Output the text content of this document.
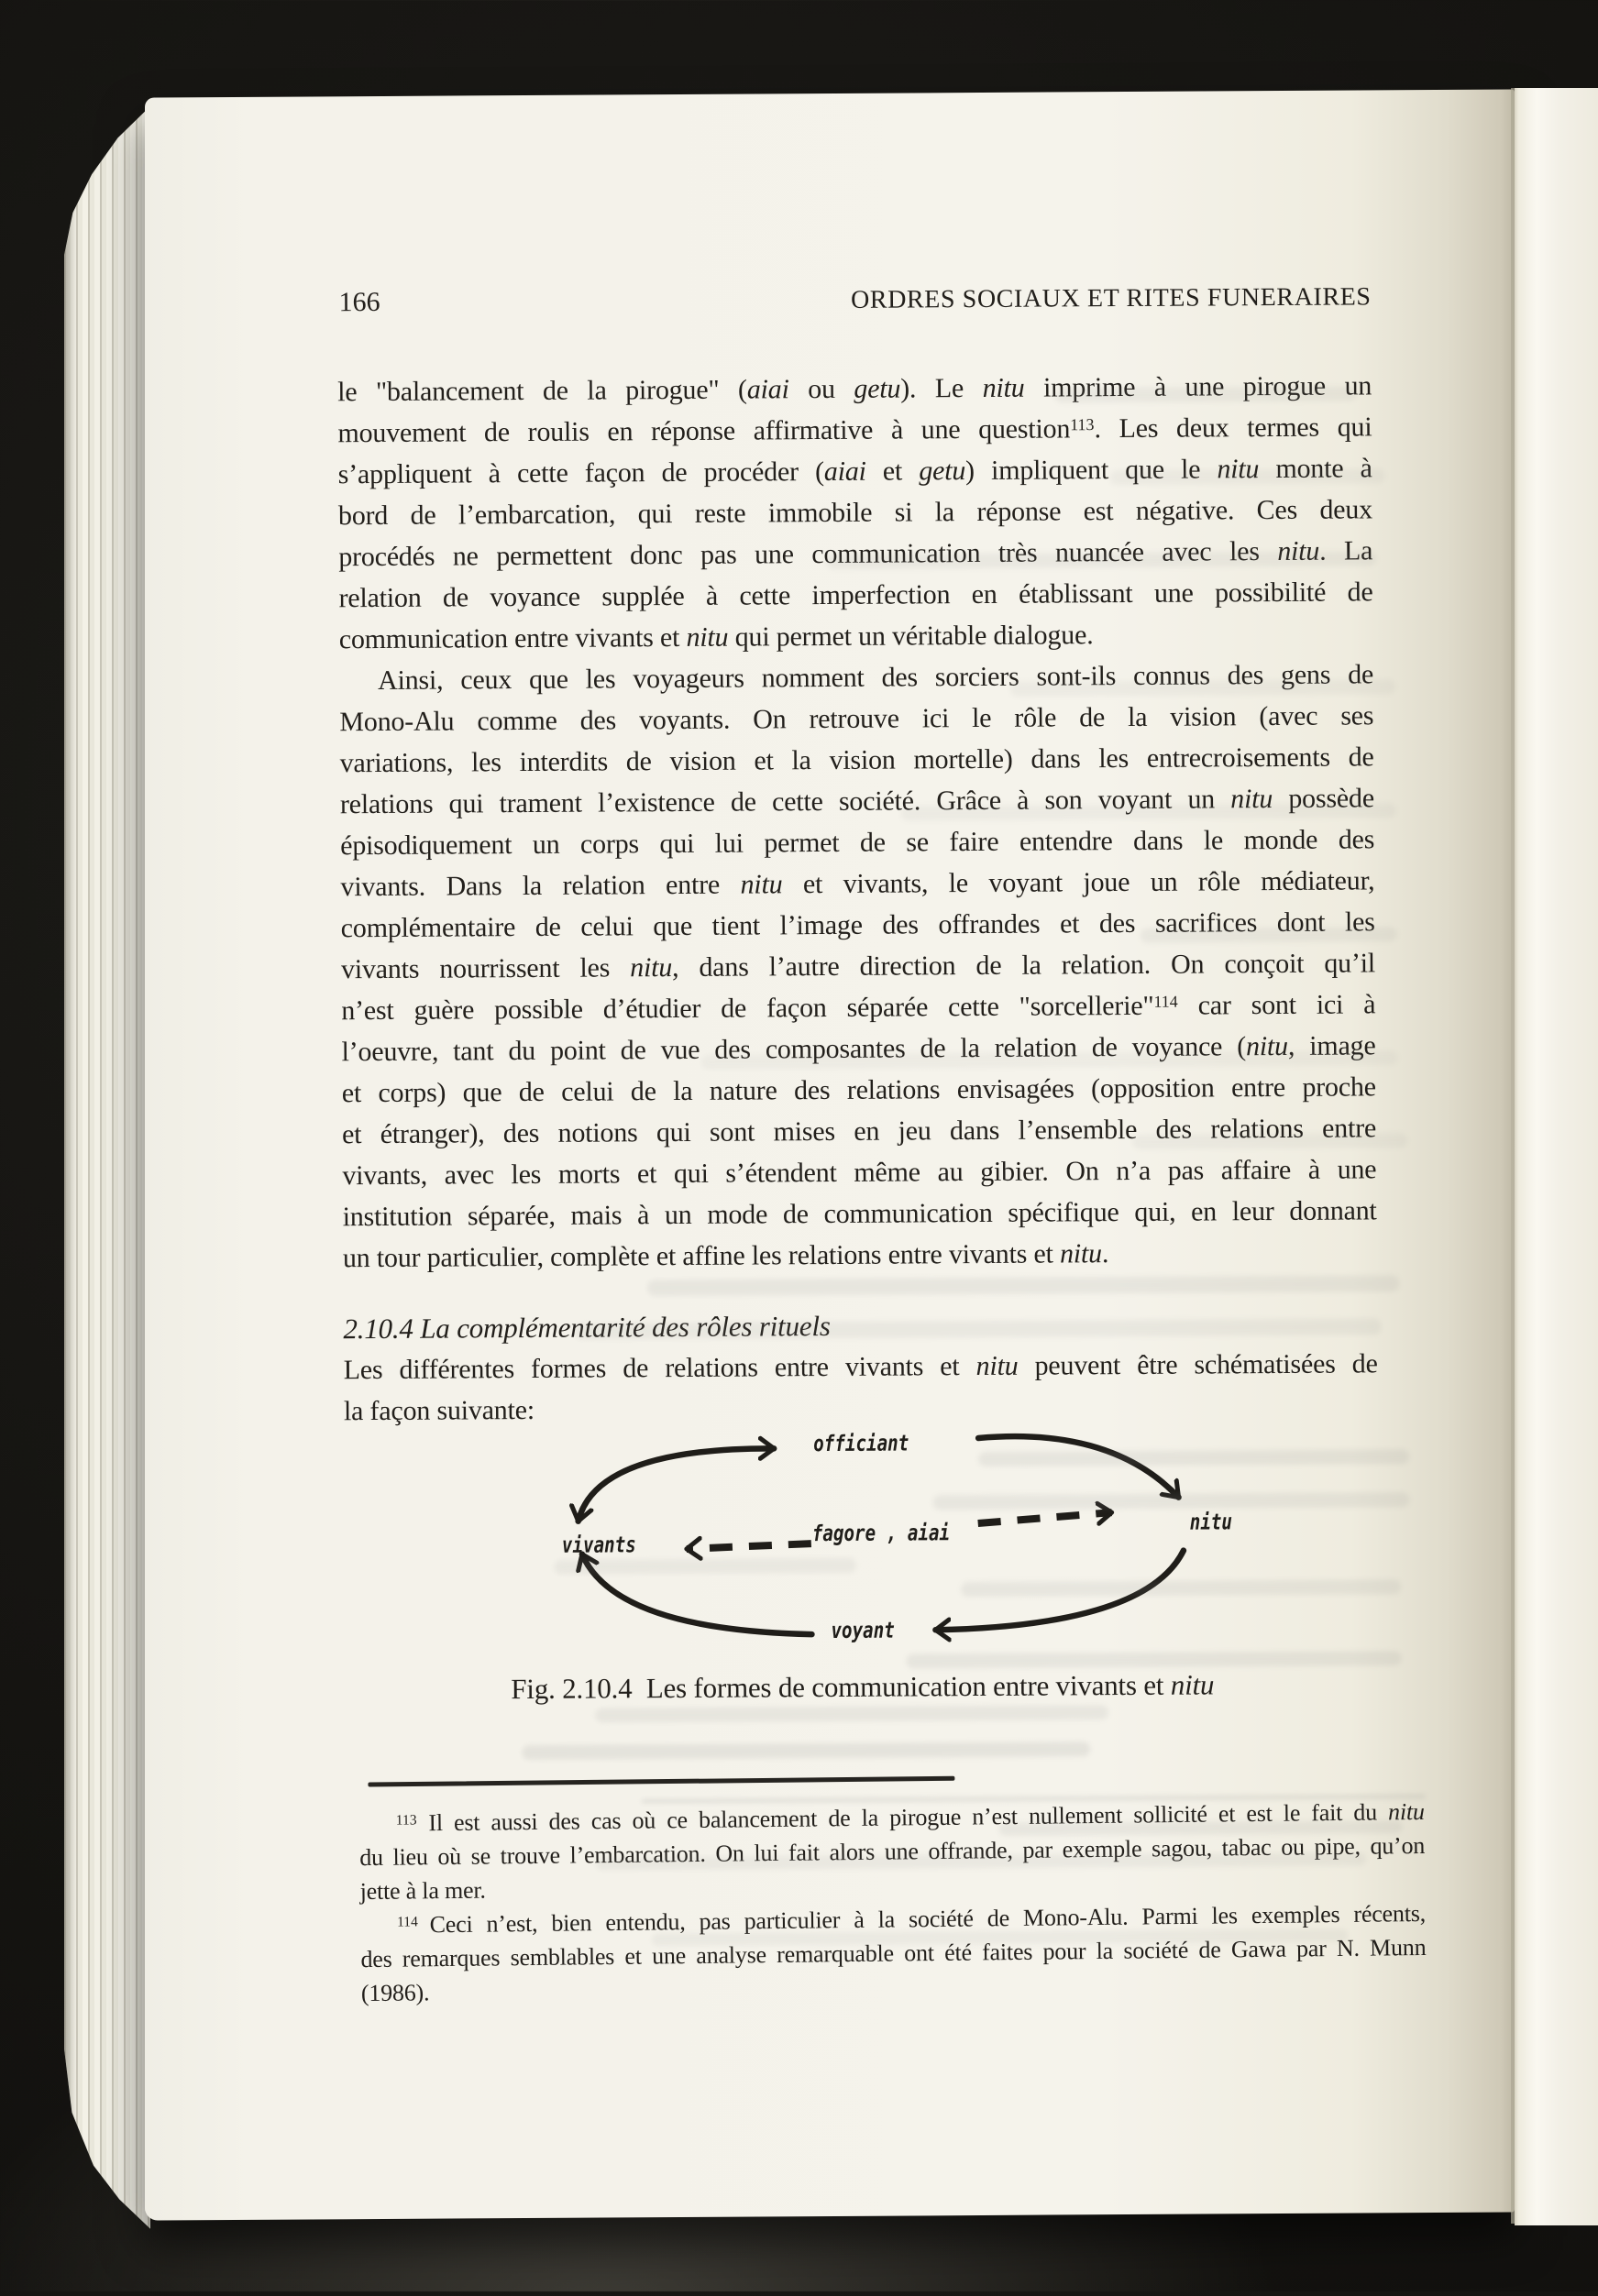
166	ORDRES SOCIAUX ET RITES FUNERAIRES
le "balancement de la pirogue" (aiai ou getu). Le nitu imprime à une pirogue un
mouvement de roulis en réponse affirmative à une question$^{113}$. Les deux termes qui
s’appliquent à cette façon de procéder (aiai et getu) impliquent que le nitu monte à
bord de l’embarcation, qui reste immobile si la réponse est négative. Ces deux
procédés ne permettent donc pas une communication très nuancée avec les nitu. La
relation de voyance supplée à cette imperfection en établissant une possibilité de
communication entre vivants et nitu qui permet un véritable dialogue.
Ainsi, ceux que les voyageurs nomment des sorciers sont-ils connus des gens de
Mono-Alu comme des voyants. On retrouve ici le rôle de la vision (avec ses
variations, les interdits de vision et la vision mortelle) dans les entrecroisements de
relations qui trament l’existence de cette société. Grâce à son voyant un nitu possède
épisodiquement un corps qui lui permet de se faire entendre dans le monde des
vivants. Dans la relation entre nitu et vivants, le voyant joue un rôle médiateur,
complémentaire de celui que tient l’image des offrandes et des sacrifices dont les
vivants nourrissent les nitu, dans l’autre direction de la relation. On conçoit qu’il
n’est guère possible d’étudier de façon séparée cette "sorcellerie"$^{114}$ car sont ici à
l’oeuvre, tant du point de vue des composantes de la relation de voyance (nitu, image
et corps) que de celui de la nature des relations envisagées (opposition entre proche
et étranger), des notions qui sont mises en jeu dans l’ensemble des relations entre
vivants, avec les morts et qui s’étendent même au gibier. On n’a pas affaire à une
institution séparée, mais à un mode de communication spécifique qui, en leur donnant
un tour particulier, complète et affine les relations entre vivants et nitu.
2.10.4 La complémentarité des rôles rituels
Les différentes formes de relations entre vivants et nitu peuvent être schématisées de
la façon suivante:
officiant
vivants
nitu
voyant
fagore , aiai
Fig. 2.10.4 Les formes de communication entre vivants et nitu
$^{113}$ Il est aussi des cas où ce balancement de la pirogue n’est nullement sollicité et est le fait du nitu
du lieu où se trouve l’embarcation. On lui fait alors une offrande, par exemple sagou, tabac ou pipe, qu’on
jette à la mer.
$^{114}$ Ceci n’est, bien entendu, pas particulier à la société de Mono-Alu. Parmi les exemples récents,
des remarques semblables et une analyse remarquable ont été faites pour la société de Gawa par N. Munn
(1986).
